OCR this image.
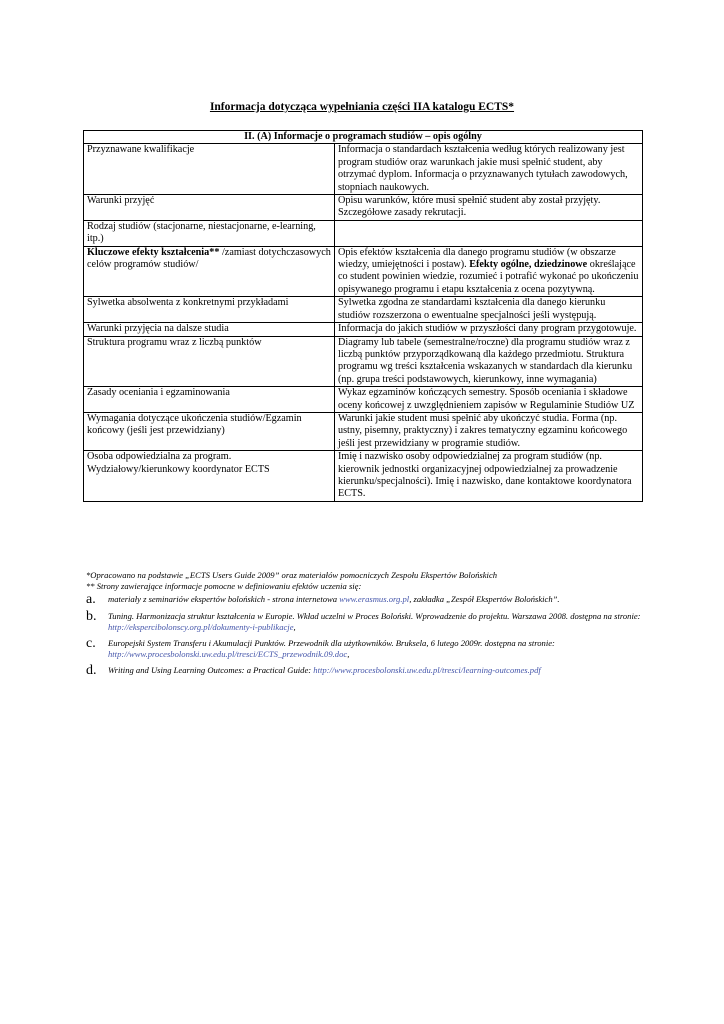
Informacja dotycząca wypełniania części IIA katalogu ECTS*
II. (A) Informacje o programach studiów – opis ogólny	
Przyznawane kwalifikacje	Informacja o standardach kształcenia według których realizowany jest program studiów oraz warunkach jakie musi spełnić student, aby otrzymać dyplom. Informacja o przyznawanych tytułach zawodowych, stopniach naukowych.
Warunki przyjęć	Opisu warunków, które musi spełnić student aby został przyjęty. Szczegółowe zasady rekrutacji.
Rodzaj studiów (stacjonarne, niestacjonarne, e-learning, itp.)	
Kluczowe efekty kształcenia** /zamiast dotychczasowych celów programów studiów/	Opis efektów kształcenia dla danego programu studiów (w obszarze wiedzy, umiejętności i postaw). Efekty ogólne, dziedzinowe określające co student powinien wiedzie, rozumieć i potrafić wykonać po ukończeniu opisywanego programu i etapu kształcenia z ocena pozytywną.
Sylwetka absolwenta z konkretnymi przykładami	Sylwetka zgodna ze standardami kształcenia dla danego kierunku studiów rozszerzona o ewentualne specjalności jeśli występują.
Warunki przyjęcia na dalsze studia	Informacja do jakich studiów w przyszłości dany program przygotowuje.
Struktura programu wraz z liczbą punktów	Diagramy lub tabele (semestralne/roczne) dla programu studiów wraz z liczbą punktów przyporządkowaną dla każdego przedmiotu. Struktura programu wg treści kształcenia wskazanych w standardach dla kierunku (np. grupa treści podstawowych, kierunkowy, inne wymagania)
Zasady oceniania i egzaminowania	Wykaz egzaminów kończących semestry. Sposób oceniania i składowe oceny końcowej z uwzględnieniem zapisów w Regulaminie Studiów UZ
Wymagania dotyczące ukończenia studiów/Egzamin końcowy (jeśli jest przewidziany)	Warunki jakie student musi spełnić aby ukończyć studia. Forma (np. ustny, pisemny, praktyczny) i zakres tematyczny egzaminu końcowego jeśli jest przewidziany w programie studiów.
Osoba odpowiedzialna za program. Wydziałowy/kierunkowy koordynator ECTS	Imię i nazwisko osoby odpowiedzialnej za program studiów (np. kierownik jednostki organizacyjnej odpowiedzialnej za prowadzenie kierunku/specjalności). Imię i nazwisko, dane kontaktowe koordynatora ECTS.

*Opracowano na podstawie „ECTS Users Guide 2009” oraz materiałów pomocniczych Zespołu Ekspertów Bolońskich

** Strony zawierające informacje pomocne w definiowaniu efektów uczenia się:

a.	materiały z seminariów ekspertów bolońskich - strona internetowa www.erasmus.org.pl, zakładka „Zespół Ekspertów Bolońskich”.
b.	Tuning. Harmonizacja struktur kształcenia w Europie. Wkład uczelni w Proces Boloński. Wprowadzenie do projektu. Warszawa 2008. dostępna na stronie: http://ekspercibolonscy.org.pl/dokumenty-i-publikacje,
c.	Europejski System Transferu i Akumulacji Punktów. Przewodnik dla użytkowników. Bruksela, 6 lutego 2009r. dostępna na stronie: http://www.procesbolonski.uw.edu.pl/tresci/ECTS_przewodnik.09.doc,
d.	Writing and Using Learning Outcomes: a Practical Guide: http://www.procesbolonski.uw.edu.pl/tresci/learning-outcomes.pdf
